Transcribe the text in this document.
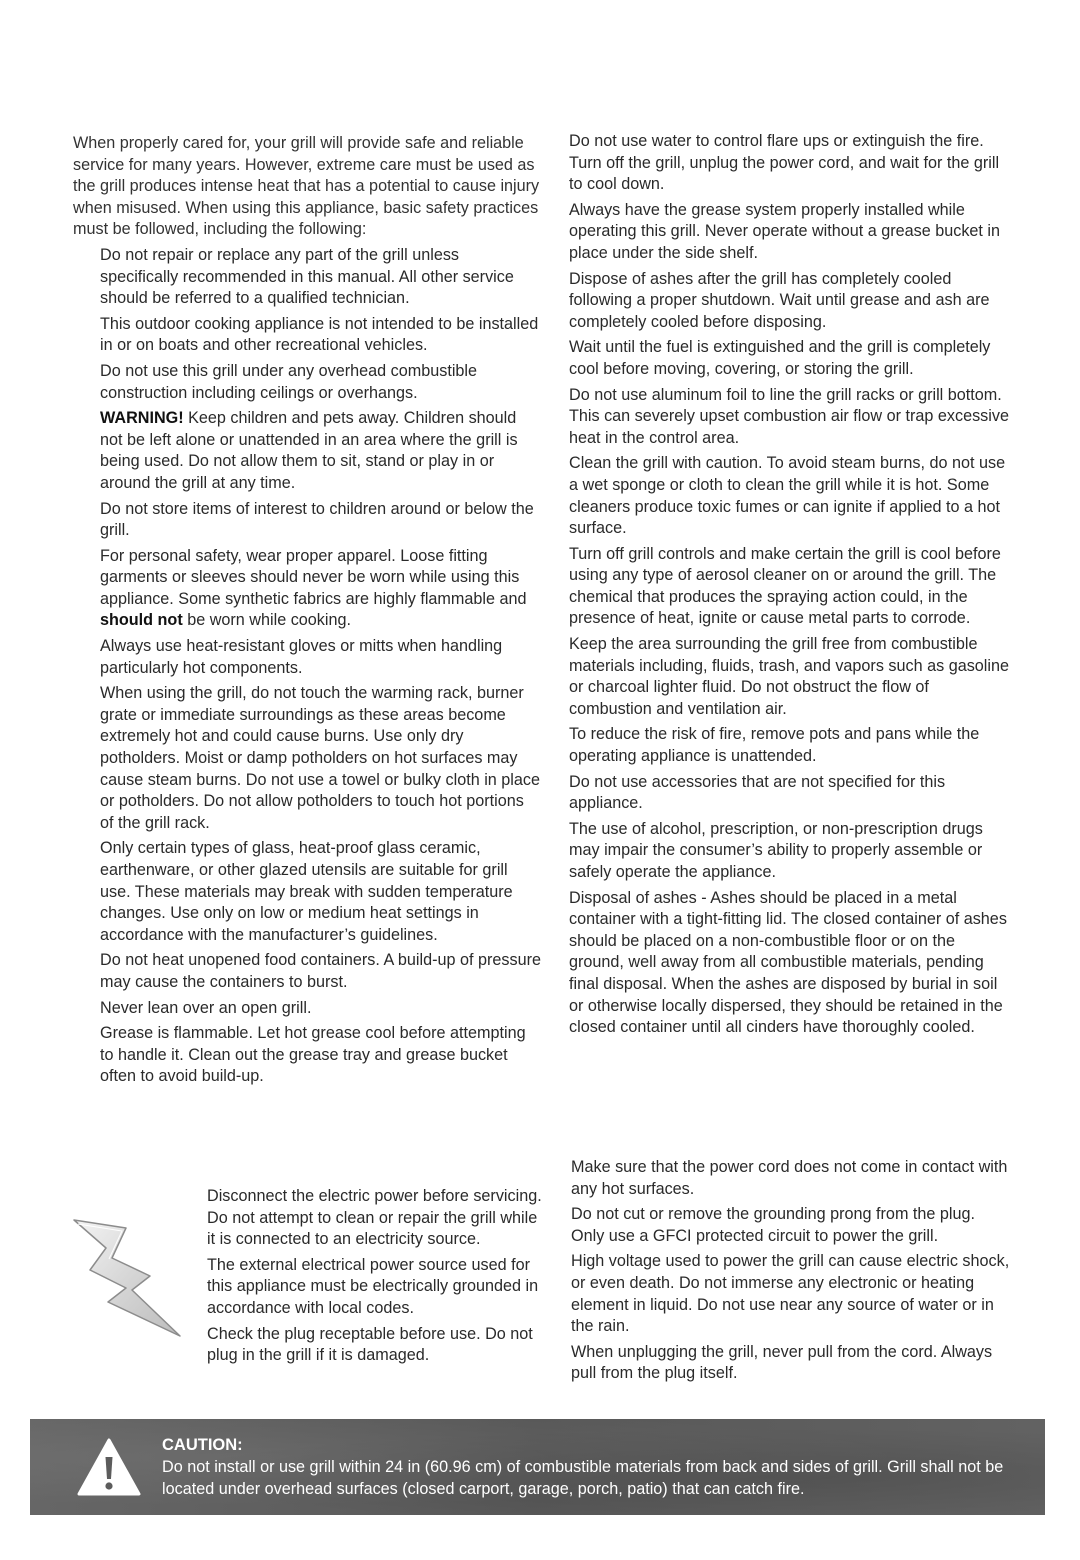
When properly cared for, your grill will provide safe and reliable service for many years. However, extreme care must be used as the grill produces intense heat that has a potential to cause injury when misused. When using this appliance, basic safety practices must be followed, including the following:

Do not repair or replace any part of the grill unless specifically recommended in this manual. All other service should be referred to a qualified technician.

This outdoor cooking appliance is not intended to be installed in or on boats and other recreational vehicles.

Do not use this grill under any overhead combustible construction including ceilings or overhangs.

WARNING! Keep children and pets away. Children should not be left alone or unattended in an area where the grill is being used. Do not allow them to sit, stand or play in or around the grill at any time.

Do not store items of interest to children around or below the grill.

For personal safety, wear proper apparel. Loose fitting garments or sleeves should never be worn while using this appliance. Some synthetic fabrics are highly flammable and should not be worn while cooking.

Always use heat-resistant gloves or mitts when handling particularly hot components.

When using the grill, do not touch the warming rack, burner grate or immediate surroundings as these areas become extremely hot and could cause burns. Use only dry potholders. Moist or damp potholders on hot surfaces may cause steam burns. Do not use a towel or bulky cloth in place or potholders. Do not allow potholders to touch hot portions of the grill rack.

Only certain types of glass, heat-proof glass ceramic, earthenware, or other glazed utensils are suitable for grill use. These materials may break with sudden temperature changes. Use only on low or medium heat settings in accordance with the manufacturer’s guidelines.

Do not heat unopened food containers. A build-up of pressure may cause the containers to burst.

Never lean over an open grill.

Grease is flammable. Let hot grease cool before attempting to handle it. Clean out the grease tray and grease bucket often to avoid build-up.

Do not use water to control flare ups or extinguish the fire. Turn off the grill, unplug the power cord, and wait for the grill to cool down.

Always have the grease system properly installed while operating this grill. Never operate without a grease bucket in place under the side shelf.

Dispose of ashes after the grill has completely cooled following a proper shutdown. Wait until grease and ash are completely cooled before disposing.

Wait until the fuel is extinguished and the grill is completely cool before moving, covering, or storing the grill.

Do not use aluminum foil to line the grill racks or grill bottom. This can severely upset combustion air flow or trap excessive heat in the control area.

Clean the grill with caution. To avoid steam burns, do not use a wet sponge or cloth to clean the grill while it is hot. Some cleaners produce toxic fumes or can ignite if applied to a hot surface.

Turn off grill controls and make certain the grill is cool before using any type of aerosol cleaner on or around the grill. The chemical that produces the spraying action could, in the presence of heat, ignite or cause metal parts to corrode.

Keep the area surrounding the grill free from combustible materials including, fluids, trash, and vapors such as gasoline or charcoal lighter fluid. Do not obstruct the flow of combustion and ventilation air.

To reduce the risk of fire, remove pots and pans while the operating appliance is unattended.

Do not use accessories that are not specified for this appliance.

The use of alcohol, prescription, or non-prescription drugs may impair the consumer’s ability to properly assemble or safely operate the appliance.

Disposal of ashes - Ashes should be placed in a metal container with a tight-fitting lid. The closed container of ashes should be placed on a non-combustible floor or on the ground, well away from all combustible materials, pending final disposal. When the ashes are disposed by burial in soil or otherwise locally dispersed, they should be retained in the closed container until all cinders have thoroughly cooled.

Disconnect the electric power before servicing. Do not attempt to clean or repair the grill while it is connected to an electricity source.

The external electrical power source used for this appliance must be electrically grounded in accordance with local codes.

Check the plug receptable before use. Do not plug in the grill if it is damaged.

Make sure that the power cord does not come in contact with any hot surfaces.

Do not cut or remove the grounding prong from the plug. Only use a GFCI protected circuit to power the grill.

High voltage used to power the grill can cause electric shock, or even death. Do not immerse any electronic or heating element in liquid. Do not use near any source of water or in the rain.

When unplugging the grill, never pull from the cord. Always pull from the plug itself.

CAUTION:
Do not install or use grill within 24 in (60.96 cm) of combustible materials from back and sides of grill. Grill shall not be located under overhead surfaces (closed carport, garage, porch, patio) that can catch fire.
